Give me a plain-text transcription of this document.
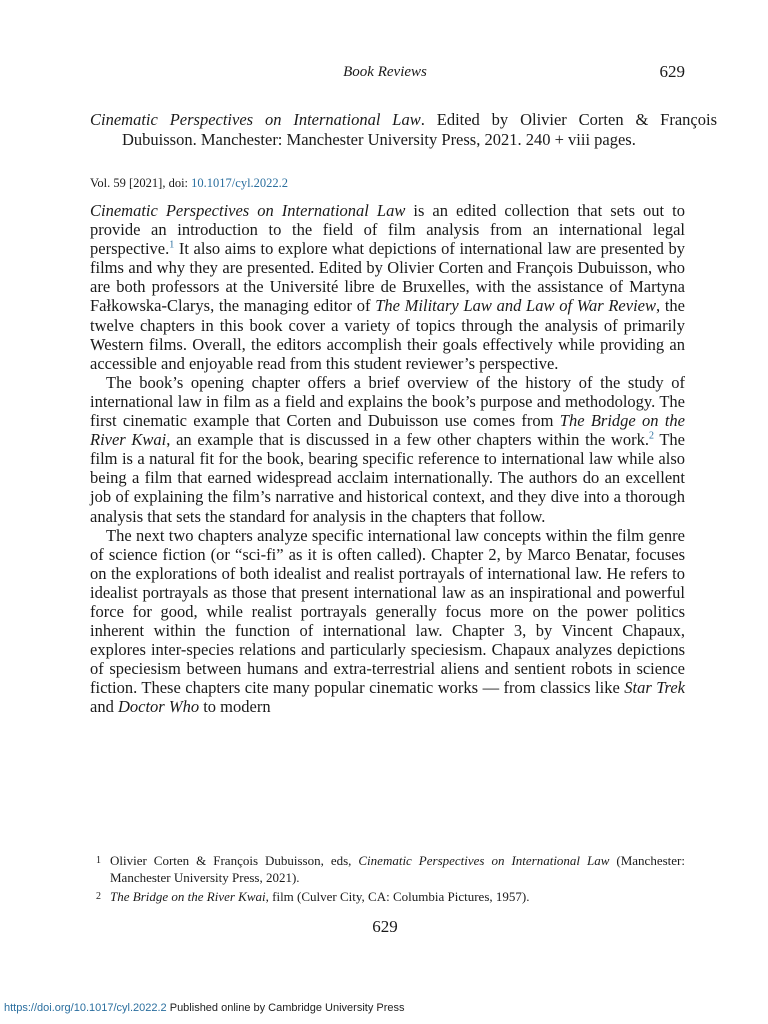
Book Reviews	629
Cinematic Perspectives on International Law. Edited by Olivier Corten & François Dubuisson. Manchester: Manchester University Press, 2021. 240 + viii pages.
Vol. 59 [2021], doi: 10.1017/cyl.2022.2

Cinematic Perspectives on International Law is an edited collection that sets out to provide an introduction to the field of film analysis from an international legal perspective.$^1$ It also aims to explore what depictions of international law are presented by films and why they are presented. Edited by Olivier Corten and François Dubuisson, who are both professors at the Université libre de Bruxelles, with the assistance of Martyna Fałkowska-Clarys, the managing editor of The Military Law and Law of War Review, the twelve chapters in this book cover a variety of topics through the analysis of primarily Western films. Overall, the editors accomplish their goals effectively while providing an accessible and enjoyable read from this student reviewer’s perspective.

The book’s opening chapter offers a brief overview of the history of the study of international law in film as a field and explains the book’s purpose and methodology. The first cinematic example that Corten and Dubuisson use comes from The Bridge on the River Kwai, an example that is discussed in a few other chapters within the work.$^2$ The film is a natural fit for the book, bearing specific reference to international law while also being a film that earned widespread acclaim internationally. The authors do an excellent job of explaining the film’s narrative and historical context, and they dive into a thorough analysis that sets the standard for analysis in the chapters that follow.

The next two chapters analyze specific international law concepts within the film genre of science fiction (or “sci-fi” as it is often called). Chapter 2, by Marco Benatar, focuses on the explorations of both idealist and realist portrayals of international law. He refers to idealist portrayals as those that present international law as an inspirational and powerful force for good, while realist portrayals generally focus more on the power politics inherent within the function of international law. Chapter 3, by Vincent Chapaux, explores inter-species relations and particularly speciesism. Chapaux analyzes depictions of speciesism between humans and extra-terrestrial aliens and sentient robots in science fiction. These chapters cite many popular cinematic works — from classics like Star Trek and Doctor Who to modern

1 Olivier Corten & François Dubuisson, eds, Cinematic Perspectives on International Law (Manchester: Manchester University Press, 2021).
2 The Bridge on the River Kwai, film (Culver City, CA: Columbia Pictures, 1957).
629
https://doi.org/10.1017/cyl.2022.2 Published online by Cambridge University Press
